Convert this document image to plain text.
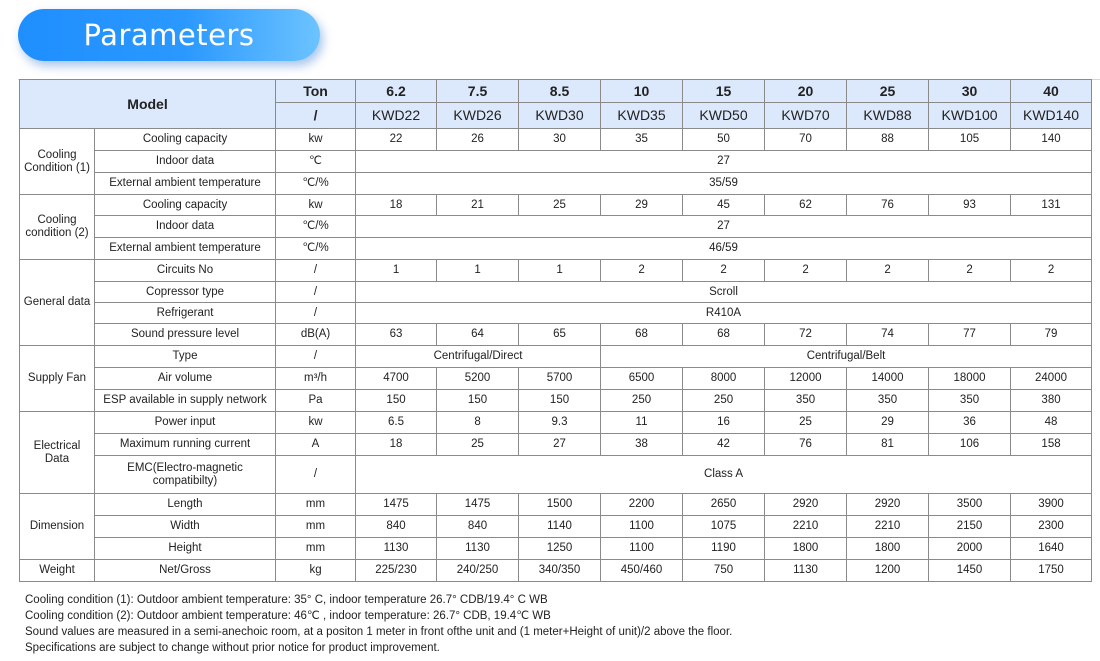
Parameters
Model		Ton	6.2	7.5	8.5	10	15	20	25	30	40
		/	KWD22	KWD26	KWD30	KWD35	KWD50	KWD70	KWD88	KWD100	KWD140
Cooling Condition (1)	Cooling capacity	kw	22	26	30	35	50	70	88	105	140
	Indoor data	℃	27								
	External ambient temperature	℃/%	35/59								
Cooling condition (2)	Cooling capacity	kw	18	21	25	29	45	62	76	93	131
	Indoor data	℃/%	27								
	External ambient temperature	℃/%	46/59								
General data	Circuits No	/	1	1	1	2	2	2	2	2	2
	Copressor type	/	Scroll								
	Refrigerant	/	R410A								
	Sound pressure level	dB(A)	63	64	65	68	68	72	74	77	79
Supply Fan	Type	/	Centrifugal/Direct			Centrifugal/Belt					
	Air volume	m³/h	4700	5200	5700	6500	8000	12000	14000	18000	24000
	ESP available in supply network	Pa	150	150	150	250	250	350	350	350	380
Electrical Data	Power input	kw	6.5	8	9.3	11	16	25	29	36	48
	Maximum running current	A	18	25	27	38	42	76	81	106	158
	EMC(Electro-magnetic compatibilty)	/	Class A								
Dimension	Length	mm	1475	1475	1500	2200	2650	2920	2920	3500	3900
	Width	mm	840	840	1140	1100	1075	2210	2210	2150	2300
	Height	mm	1130	1130	1250	1100	1190	1800	1800	2000	1640
Weight	Net/Gross	kg	225/230	240/250	340/350	450/460	750	1130	1200	1450	1750
Cooling condition (1): Outdoor ambient temperature: 35° C, indoor temperature 26.7° CDB/19.4° C WB
Cooling condition (2): Outdoor ambient temperature: 46℃ , indoor temperature: 26.7° CDB, 19.4℃ WB
Sound values are measured in a semi-anechoic room, at a positon 1 meter in front ofthe unit and (1 meter+Height of unit)/2 above the floor.
Specifications are subject to change without prior notice for product improvement.
